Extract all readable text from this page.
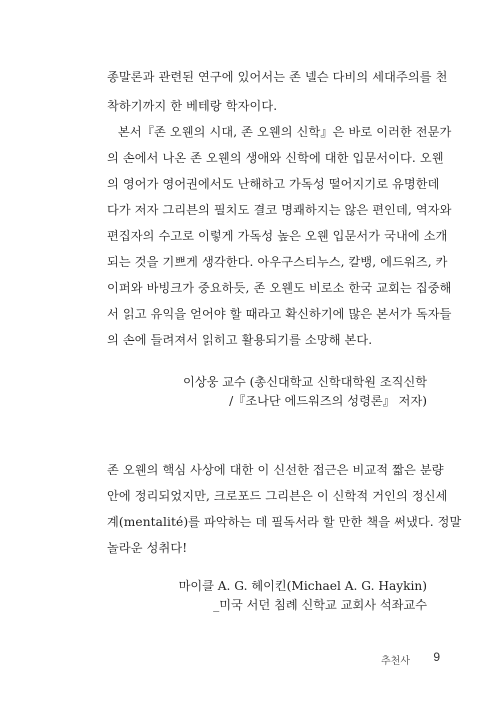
종말론과 관련된 연구에 있어서는 존 넬슨 다비의 세대주의를 천
착하기까지 한 베테랑 학자이다.
본서『존 오웬의 시대, 존 오웬의 신학』은 바로 이러한 전문가
의 손에서 나온 존 오웬의 생애와 신학에 대한 입문서이다. 오웬
의 영어가 영어권에서도 난해하고 가독성 떨어지기로 유명한데
다가 저자 그리븐의 필치도 결코 명쾌하지는 않은 편인데, 역자와
편집자의 수고로 이렇게 가독성 높은 오웬 입문서가 국내에 소개
되는 것을 기쁘게 생각한다. 아우구스티누스, 칼뱅, 에드워즈, 카
이퍼와 바빙크가 중요하듯, 존 오웬도 비로소 한국 교회는 집중해
서 읽고 유익을 얻어야 할 때라고 확신하기에 많은 본서가 독자들
의 손에 들려져서 읽히고 활용되기를 소망해 본다.
이상웅 교수 (총신대학교 신학대학원 조직신학
/『조나단 에드워즈의 성령론』 저자)
존 오웬의 핵심 사상에 대한 이 신선한 접근은 비교적 짧은 분량
안에 정리되었지만, 크로포드 그리븐은 이 신학적 거인의 정신세
계(mentalité)를 파악하는 데 필독서라 할 만한 책을 써냈다. 정말
놀라운 성취다!
마이클 A. G. 헤이킨(Michael A. G. Haykin)
_미국 서던 침례 신학교 교회사 석좌교수
추천사 9
